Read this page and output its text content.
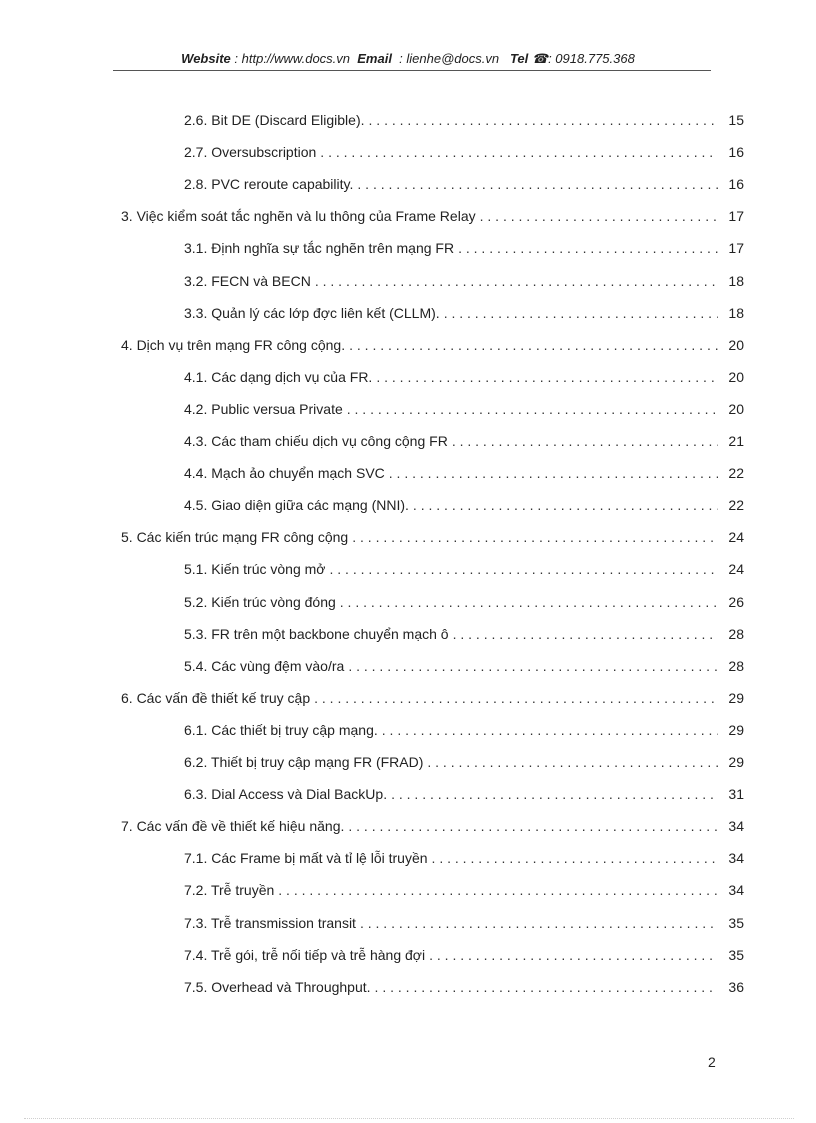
Website : http://www.docs.vn Email : lienhe@docs.vn Tel ☎: 0918.775.368
2.6. Bit DE (Discard Eligible). . . .	15
2.7. Oversubscription . . .	16
2.8. PVC reroute capability. . . .	16
3. Việc kiểm soát tắc nghẽn và lu thông của Frame Relay . . .	17
3.1. Định nghĩa sự tắc nghẽn trên mạng FR . . .	17
3.2. FECN và BECN . . .	18
3.3. Quản lý các lớp đợc liên kết (CLLM). . . .	18
4. Dịch vụ trên mạng FR công cộng. . . .	20
4.1. Các dạng dịch vụ của FR. . . .	20
4.2. Public versua Private . . .	20
4.3. Các tham chiếu dịch vụ công cộng FR . . .	21
4.4. Mạch ảo chuyển mạch SVC . . .	22
4.5. Giao diện giữa các mạng (NNI). . . .	22
5. Các kiến trúc mạng FR công cộng . . .	24
5.1. Kiến trúc vòng mở . . .	24
5.2. Kiến trúc vòng đóng . . .	26
5.3. FR trên một backbone chuyển mạch ô . . .	28
5.4. Các vùng đệm vào/ra . . .	28
6. Các vấn đề thiết kế truy cập . . .	29
6.1. Các thiết bị truy cập mạng. . . .	29
6.2. Thiết bị truy cập mạng FR (FRAD) . . .	29
6.3. Dial Access và Dial BackUp. . . .	31
7. Các vấn đề về thiết kế hiệu năng. . . .	34
7.1. Các Frame bị mất và tỉ lệ lỗi truyền . . .	34
7.2. Trễ truyền . . .	34
7.3. Trễ transmission transit . . .	35
7.4. Trễ gói, trễ nối tiếp và trễ hàng đợi . . .	35
7.5. Overhead và Throughput. . . .	36
2
